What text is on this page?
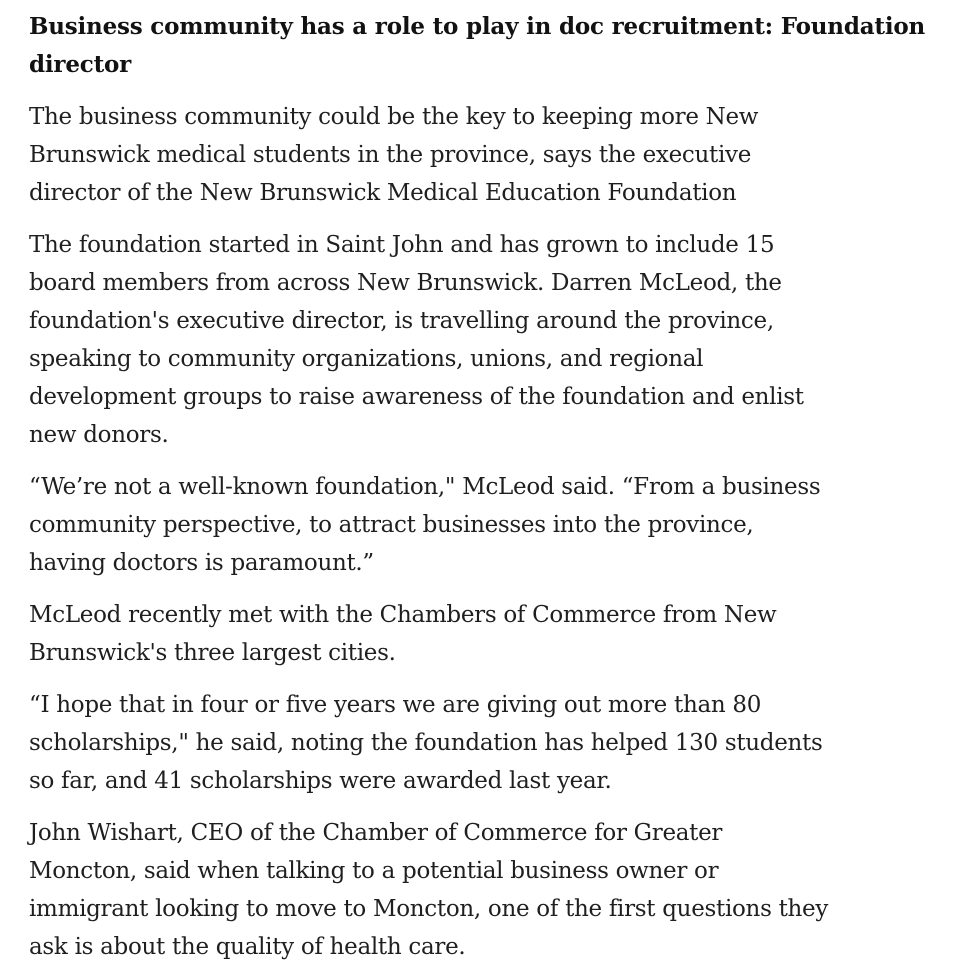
Business community has a role to play in doc recruitment: Foundation
director

The business community could be the key to keeping more New
Brunswick medical students in the province, says the executive
director of the New Brunswick Medical Education Foundation

The foundation started in Saint John and has grown to include 15
board members from across New Brunswick. Darren McLeod, the
foundation's executive director, is travelling around the province,
speaking to community organizations, unions, and regional
development groups to raise awareness of the foundation and enlist
new donors.

“We’re not a well-known foundation," McLeod said. “From a business
community perspective, to attract businesses into the province,
having doctors is paramount.”

McLeod recently met with the Chambers of Commerce from New
Brunswick's three largest cities.

“I hope that in four or five years we are giving out more than 80
scholarships," he said, noting the foundation has helped 130 students
so far, and 41 scholarships were awarded last year.

John Wishart, CEO of the Chamber of Commerce for Greater
Moncton, said when talking to a potential business owner or
immigrant looking to move to Moncton, one of the first questions they
ask is about the quality of health care.
